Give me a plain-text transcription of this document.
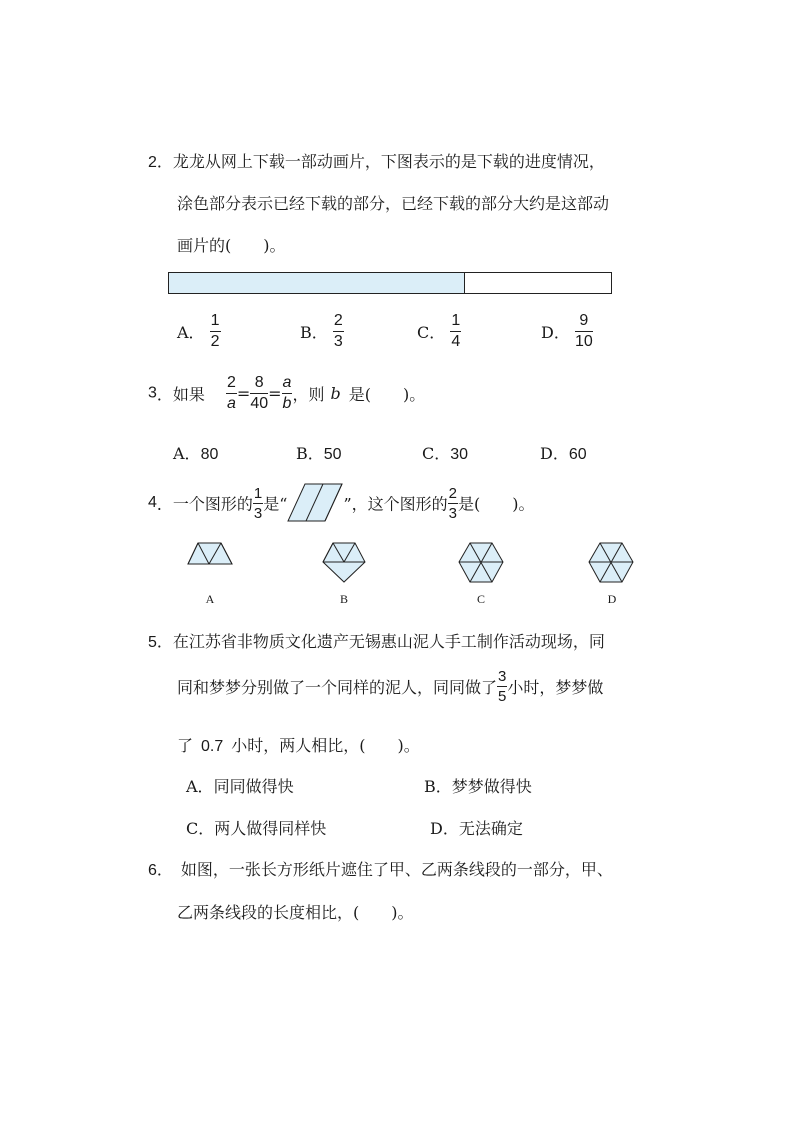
2．龙龙从网上下载一部动画片，下图表示的是下载的进度情况，
涂色部分表示已经下载的部分，已经下载的部分大约是这部动
画片的(　　)。
A． $\frac{1}{2}$	B． $\frac{2}{3}$	C． $\frac{1}{4}$	D． $\frac{9}{10}$
3．如果 $\frac{2}{a} = \frac{8}{40} = \frac{a}{b}$ ，则 b 是(　　)。
A．80	B．50	C．30	D．60
4．一个图形的 $\frac{1}{3}$ 是“	”，这个图形的 $\frac{2}{3}$ 是(　　)。
A	B	C	D
5．在江苏省非物质文化遗产无锡惠山泥人手工制作活动现场，同
同和梦梦分别做了一个同样的泥人，同同做了 $\frac{3}{5}$ 小时，梦梦做
了 0.7 小时，两人相比，(　　)。
A．同同做得快	B．梦梦做得快
C．两人做得同样快	D．无法确定
6．　如图，一张长方形纸片遮住了甲、乙两条线段的一部分，甲、
乙两条线段的长度相比，(　　)。
